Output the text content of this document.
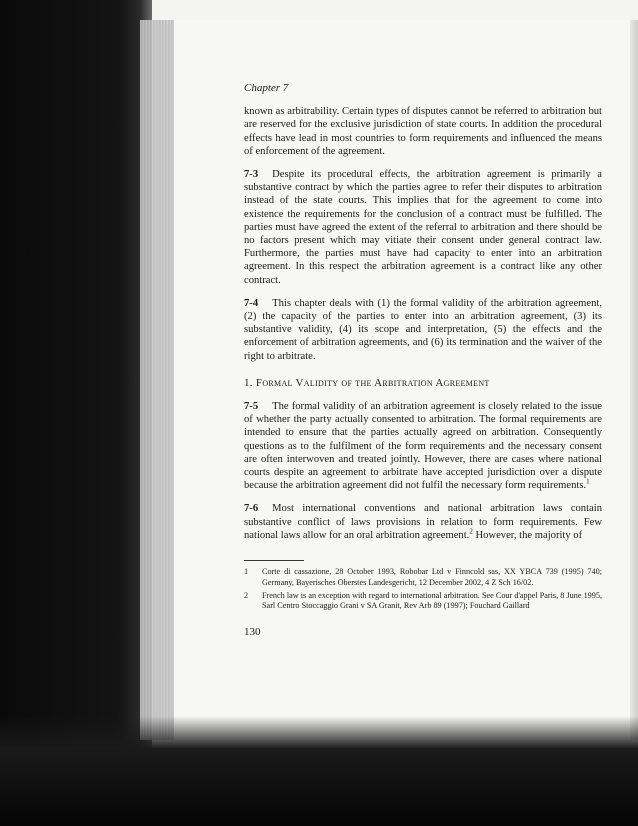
Chapter 7

known as arbitrability. Certain types of disputes cannot be referred to arbitration but are reserved for the exclusive jurisdiction of state courts. In addition the procedural effects have lead in most countries to form requirements and influenced the means of enforcement of the agreement.

7-3 Despite its procedural effects, the arbitration agreement is primarily a substantive contract by which the parties agree to refer their disputes to arbitration instead of the state courts. This implies that for the agreement to come into existence the requirements for the conclusion of a contract must be fulfilled. The parties must have agreed the extent of the referral to arbitration and there should be no factors present which may vitiate their consent under general contract law. Furthermore, the parties must have had capacity to enter into an arbitration agreement. In this respect the arbitration agreement is a contract like any other contract.

7-4 This chapter deals with (1) the formal validity of the arbitration agreement, (2) the capacity of the parties to enter into an arbitration agreement, (3) its substantive validity, (4) its scope and interpretation, (5) the effects and the enforcement of arbitration agreements, and (6) its termination and the waiver of the right to arbitrate.

1. Formal Validity of the Arbitration Agreement

7-5 The formal validity of an arbitration agreement is closely related to the issue of whether the party actually consented to arbitration. The formal requirements are intended to ensure that the parties actually agreed on arbitration. Consequently questions as to the fulfilment of the form requirements and the necessary consent are often interwoven and treated jointly. However, there are cases where national courts despite an agreement to arbitrate have accepted jurisdiction over a dispute because the arbitration agreement did not fulfil the necessary form requirements.$^1$

7-6 Most international conventions and national arbitration laws contain substantive conflict of laws provisions in relation to form requirements. Few national laws allow for an oral arbitration agreement.$^2$ However, the majority of

1	Corte di cassazione, 28 October 1993, Robobar Ltd v Finncold sas, XX YBCA 739 (1995) 740; Germany, Bayerisches Oberstes Landesgericht, 12 December 2002, 4 Z Sch 16/02.
2	French law is an exception with regard to international arbitration. See Cour d'appel Paris, 8 June 1995, Sarl Centro Stoccaggio Grani v SA Granit, Rev Arb 89 (1997); Fouchard Gaillard
130
